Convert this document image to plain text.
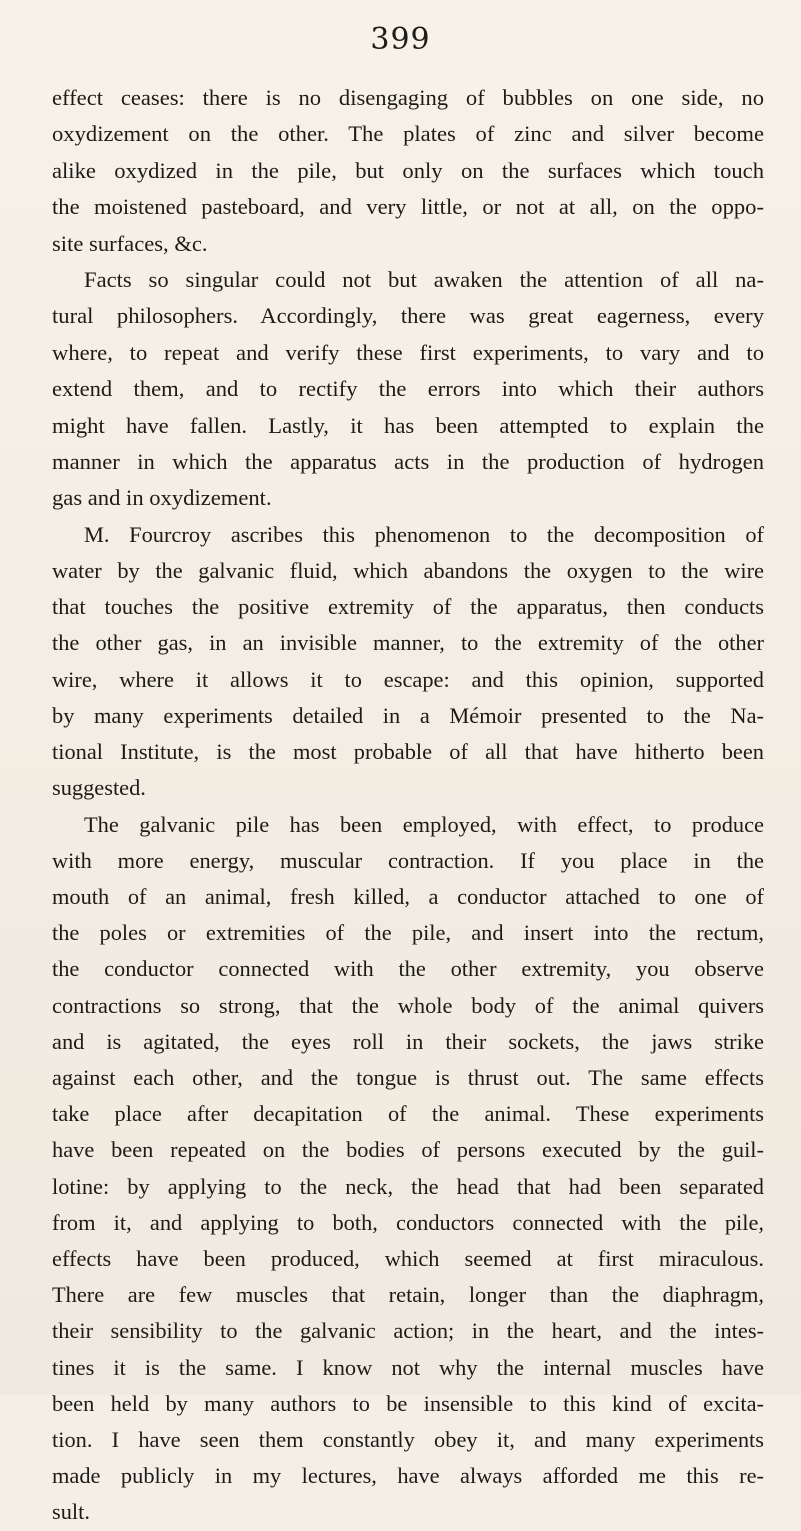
399
effect ceases: there is no disengaging of bubbles on one side, no
oxydizement on the other. The plates of zinc and silver become
alike oxydized in the pile, but only on the surfaces which touch
the moistened pasteboard, and very little, or not at all, on the oppo-
site surfaces, &c.
Facts so singular could not but awaken the attention of all na-
tural philosophers. Accordingly, there was great eagerness, every
where, to repeat and verify these first experiments, to vary and to
extend them, and to rectify the errors into which their authors
might have fallen. Lastly, it has been attempted to explain the
manner in which the apparatus acts in the production of hydrogen
gas and in oxydizement.
M. Fourcroy ascribes this phenomenon to the decomposition of
water by the galvanic fluid, which abandons the oxygen to the wire
that touches the positive extremity of the apparatus, then conducts
the other gas, in an invisible manner, to the extremity of the other
wire, where it allows it to escape: and this opinion, supported
by many experiments detailed in a Mémoir presented to the Na-
tional Institute, is the most probable of all that have hitherto been
suggested.
The galvanic pile has been employed, with effect, to produce
with more energy, muscular contraction. If you place in the
mouth of an animal, fresh killed, a conductor attached to one of
the poles or extremities of the pile, and insert into the rectum,
the conductor connected with the other extremity, you observe
contractions so strong, that the whole body of the animal quivers
and is agitated, the eyes roll in their sockets, the jaws strike
against each other, and the tongue is thrust out. The same effects
take place after decapitation of the animal. These experiments
have been repeated on the bodies of persons executed by the guil-
lotine: by applying to the neck, the head that had been separated
from it, and applying to both, conductors connected with the pile,
effects have been produced, which seemed at first miraculous.
There are few muscles that retain, longer than the diaphragm,
their sensibility to the galvanic action; in the heart, and the intes-
tines it is the same. I know not why the internal muscles have
been held by many authors to be insensible to this kind of excita-
tion. I have seen them constantly obey it, and many experiments
made publicly in my lectures, have always afforded me this re-
sult.
